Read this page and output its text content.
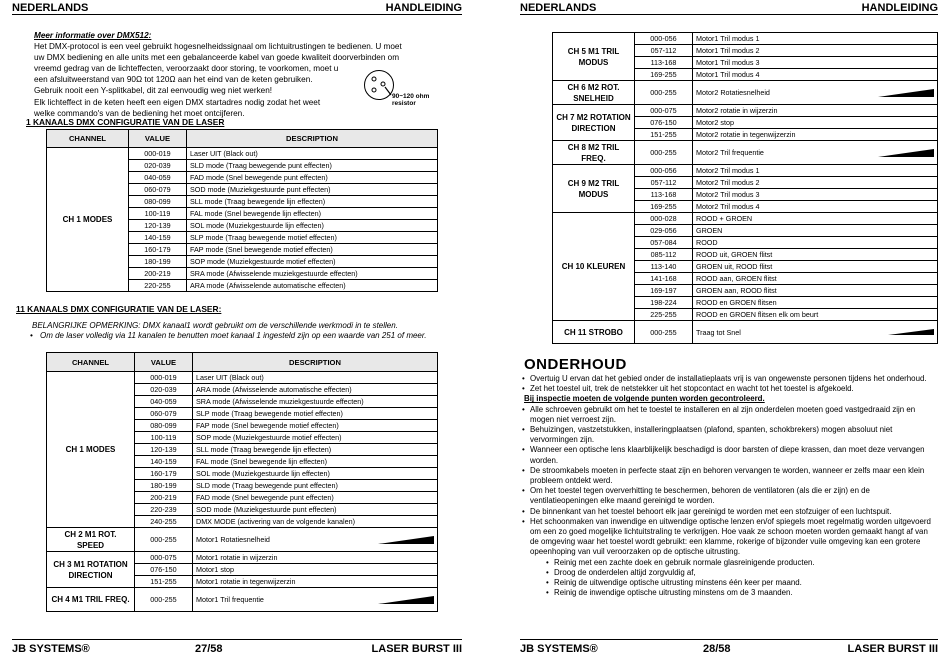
NEDERLANDS	HANDLEIDING
Meer informatie over DMX512:
Het DMX-protocol is een veel gebruikt hogesnelheidssignaal om lichtuitrustingen te bedienen. U moet
uw DMX bediening en alle units met een gebalanceerde kabel van goede kwaliteit doorverbinden om
vreemd gedrag van de lichteffecten, veroorzaakt door storing, te voorkomen, moet u
een afsluitweerstand van 90Ω tot 120Ω aan het eind van de keten gebruiken.
Gebruik nooit een Y-splitkabel, dit zal eenvoudig weg niet werken!
Elk lichteffect in de keten heeft een eigen DMX startadres nodig zodat het weet
welke commando's van de bediening het moet ontcijferen.
90~120 ohm resistor
1 KANAALS DMX CONFIGURATIE VAN DE LASER
CHANNEL	VALUE	DESCRIPTION
CH 1 MODES	000-019	Laser UIT (Black out)
	020-039	SLD mode (Traag bewegende punt effecten)
	040-059	FAD mode (Snel bewegende punt effecten)
	060-079	SOD mode (Muziekgestuurde punt effecten)
	080-099	SLL mode (Traag bewegende lijn effecten)
	100-119	FAL mode (Snel bewegende lijn effecten)
	120-139	SOL mode (Muziekgestuurde lijn effecten)
	140-159	SLP mode (Traag bewegende motief effecten)
	160-179	FAP mode (Snel bewegende motief effecten)
	180-199	SOP mode (Muziekgestuurde motief effecten)
	200-219	SRA mode (Afwisselende muziekgestuurde effecten)
	220-255	ARA mode (Afwisselende automatische effecten)
11 KANAALS DMX CONFIGURATIE VAN DE LASER:
BELANGRIJKE OPMERKING: DMX kanaal1 wordt gebruikt om de verschillende werkmodi in te stellen.
• Om de laser volledig via 11 kanalen te benutten moet kanaal 1 ingesteld zijn op een waarde van 251 of meer.
CHANNEL	VALUE	DESCRIPTION
CH 1 MODES	000-019	Laser UIT (Black out)
	020-039	ARA mode (Afwisselende automatische effecten)
	040-059	SRA mode (Afwisselende muziekgestuurde effecten)
	060-079	SLP mode (Traag bewegende motief effecten)
	080-099	FAP mode (Snel bewegende motief effecten)
	100-119	SOP mode (Muziekgestuurde motief effecten)
	120-139	SLL mode (Traag bewegende lijn effecten)
	140-159	FAL mode (Snel bewegende lijn effecten)
	160-179	SOL mode (Muziekgestuurde lijn effecten)
	180-199	SLD mode (Traag bewegende punt effecten)
	200-219	FAD mode (Snel bewegende punt effecten)
	220-239	SOD mode (Muziekgestuurde punt effecten)
	240-255	DMX MODE (activering van de volgende kanalen)
CH 2 M1 ROT. SPEED	000-255	Motor1 Rotatiesnelheid

CH 3 M1 ROTATION DIRECTION	000-075	Motor1 rotatie in wijzerzin
	076-150	Motor1 stop
	151-255	Motor1 rotatie in tegenwijzerzin
CH 4 M1 TRIL FREQ.	000-255	Motor1 Tril frequentie
JB SYSTEMS®	27/58	LASER BURST III
NEDERLANDS	HANDLEIDING
CH 5 M1 TRIL MODUS	000-056	Motor1 Tril modus 1
	057-112	Motor1 Tril modus 2
	113-168	Motor1 Tril modus 3
	169-255	Motor1 Tril modus 4
CH 6 M2 ROT. SNELHEID	000-255	Motor2 Rotatiesnelheid

CH 7 M2 ROTATION DIRECTION	000-075	Motor2 rotatie in wijzerzin
	076-150	Motor2 stop
	151-255	Motor2 rotatie in tegenwijzerzin
CH 8 M2 TRIL FREQ.	000-255	Motor2 Tril frequentie

CH 9 M2 TRIL MODUS	000-056	Motor2 Tril modus 1
	057-112	Motor2 Tril modus 2
	113-168	Motor2 Tril modus 3
	169-255	Motor2 Tril modus 4
CH 10 KLEUREN	000-028	ROOD + GROEN
	029-056	GROEN
	057-084	ROOD
	085-112	ROOD uit, GROEN flitst
	113-140	GROEN uit, ROOD flitst
	141-168	ROOD aan, GROEN flitst
	169-197	GROEN aan, ROOD flitst
	198-224	ROOD en GROEN flitsen
	225-255	ROOD en GROEN flitsen elk om beurt
CH 11 STROBO	000-255	Traag tot Snel
ONDERHOUD
• Overtuig U ervan dat het gebied onder de installatieplaats vrij is van ongewenste personen tijdens het onderhoud.
• Zet het toestel uit, trek de netstekker uit het stopcontact en wacht tot het toestel is afgekoeld.
Bij inspectie moeten de volgende punten worden gecontroleerd.
• Alle schroeven gebruikt om het te toestel te installeren en al zijn onderdelen moeten goed vastgedraaid zijn en mogen niet verroest zijn.
• Behuizingen, vastzetstukken, installeringplaatsen (plafond, spanten, schokbrekers) mogen absoluut niet vervormingen zijn.
• Wanneer een optische lens klaarblijkelijk beschadigd is door barsten of diepe krassen, dan moet deze vervangen worden.
• De stroomkabels moeten in perfecte staat zijn en behoren vervangen te worden, wanneer er zelfs maar een klein probleem ontdekt werd.
• Om het toestel tegen oververhitting te beschermen, behoren de ventilatoren (als die er zijn) en de ventilatieopeningen elke maand gereinigd te worden.
• De binnenkant van het toestel behoort elk jaar gereinigd te worden met een stofzuiger of een luchtspuit.
• Het schoonmaken van inwendige en uitwendige optische lenzen en/of spiegels moet regelmatig worden uitgevoerd om een zo goed mogelijke lichtuitstraling te verkrijgen. Hoe vaak ze schoon moeten worden gemaakt hangt af van de omgeving waar het toestel wordt gebruikt: een klamme, rokerige of bijzonder vuile omgeving kan een grotere opeenhoping van vuil veroorzaken op de optische uitrusting.
• Reinig met een zachte doek en gebruik normale glasreinigende producten.
• Droog de onderdelen altijd zorgvuldig af,
• Reinig de uitwendige optische uitrusting minstens één keer per maand.
• Reinig de inwendige optische uitrusting minstens om de 3 maanden.
JB SYSTEMS®	28/58	LASER BURST III
